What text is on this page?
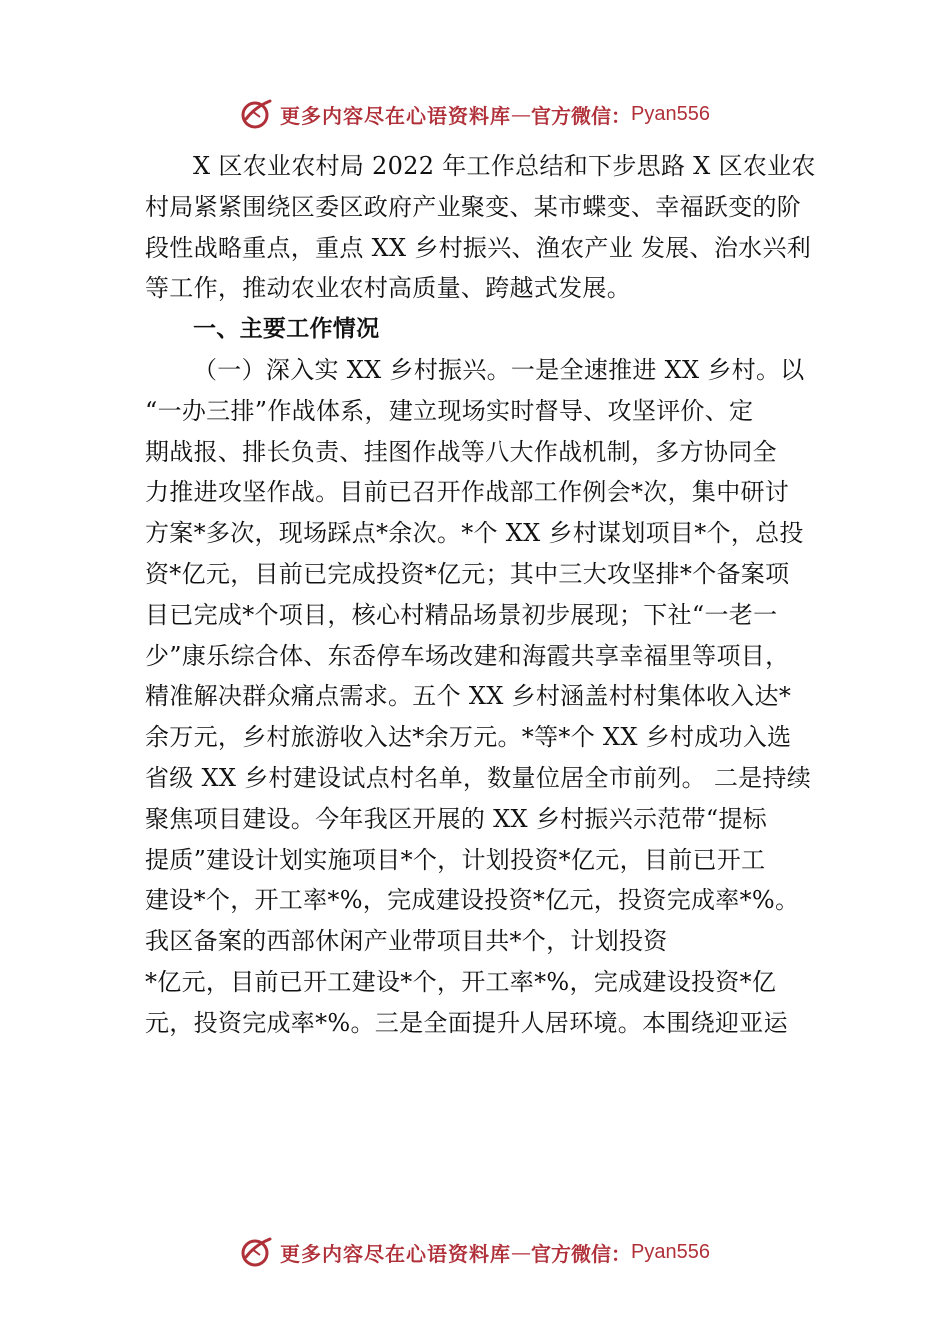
更多内容尽在心语资料库 — 官方微信： Pyan556
X 区农业农村局 2022 年工作总结和下步思路 X 区农业农
村局紧紧围绕区委区政府产业聚变、某市蝶变、幸福跃变的阶
段性战略重点，重点 XX 乡村振兴、渔农产业 发展、治水兴利
等工作，推动农业农村高质量、跨越式发展。
一、主要工作情况
（一）深入实 XX 乡村振兴。一是全速推进 XX 乡村。以
“一办三排”作战体系，建立现场实时督导、攻坚评价、定
期战报、排长负责、挂图作战等八大作战机制，多方协同全
力推进攻坚作战。目前已召开作战部工作例会*次，集中研讨
方案*多次，现场踩点*余次。*个 XX 乡村谋划项目*个，总投
资*亿元，目前已完成投资*亿元；其中三大攻坚排*个备案项
目已完成*个项目，核心村精品场景初步展现；下社“一老一
少”康乐综合体、东岙停车场改建和海霞共享幸福里等项目，
精准解决群众痛点需求。五个 XX 乡村涵盖村村集体收入达*
余万元，乡村旅游收入达*余万元。*等*个 XX 乡村成功入选
省级 XX 乡村建设试点村名单，数量位居全市前列。 二是持续
聚焦项目建设。今年我区开展的 XX 乡村振兴示范带“提标
提质”建设计划实施项目*个，计划投资*亿元，目前已开工
建设*个，开工率*%，完成建设投资*亿元，投资完成率*%。
我区备案的西部休闲产业带项目共*个，计划投资
*亿元，目前已开工建设*个，开工率*%，完成建设投资*亿
元，投资完成率*%。三是全面提升人居环境。本围绕迎亚运
更多内容尽在心语资料库 — 官方微信： Pyan556
